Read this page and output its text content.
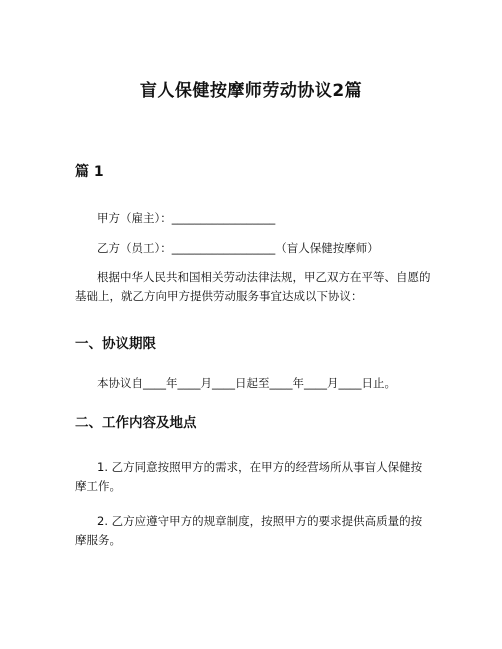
盲人保健按摩师劳动协议2篇
篇 1

甲方（雇主）：__________________

乙方（员工）：__________________（盲人保健按摩师）

根据中华人民共和国相关劳动法律法规，甲乙双方在平等、自愿的基础上，就乙方向甲方提供劳动服务事宜达成以下协议：

一、协议期限

本协议自____年____月____日起至____年____月____日止。

二、工作内容及地点

1. 乙方同意按照甲方的需求，在甲方的经营场所从事盲人保健按摩工作。

2. 乙方应遵守甲方的规章制度，按照甲方的要求提供高质量的按摩服务。
